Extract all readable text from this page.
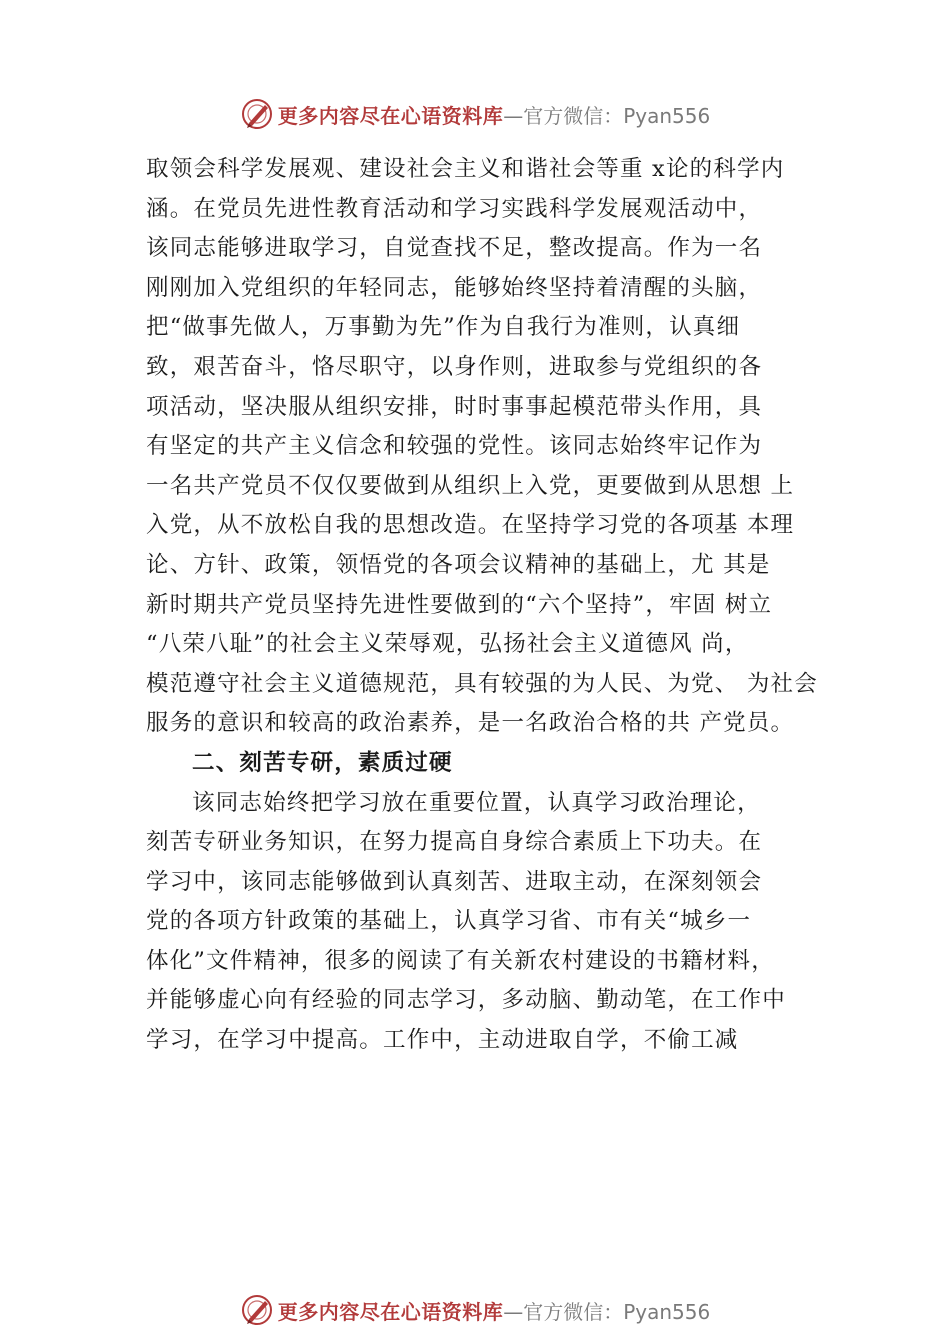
更多内容尽在心语资料库 —官方微信：Pyan556
取领会科学发展观、建设社会主义和谐社会等重 x论的科学内
涵。在党员先进性教育活动和学习实践科学发展观活动中，
该同志能够进取学习，自觉查找不足，整改提高。作为一名
刚刚加入党组织的年轻同志，能够始终坚持着清醒的头脑，
把“做事先做人，万事勤为先”作为自我行为准则，认真细
致，艰苦奋斗，恪尽职守，以身作则，进取参与党组织的各
项活动，坚决服从组织安排，时时事事起模范带头作用，具
有坚定的共产主义信念和较强的党性。该同志始终牢记作为
一名共产党员不仅仅要做到从组织上入党，更要做到从思想 上
入党，从不放松自我的思想改造。在坚持学习党的各项基 本理
论、方针、政策，领悟党的各项会议精神的基础上，尤 其是
新时期共产党员坚持先进性要做到的“六个坚持”，牢固 树立
“八荣八耻”的社会主义荣辱观，弘扬社会主义道德风 尚，
模范遵守社会主义道德规范，具有较强的为人民、为党、 为社会
服务的意识和较高的政治素养，是一名政治合格的共 产党员。
二、刻苦专研，素质过硬
该同志始终把学习放在重要位置，认真学习政治理论，
刻苦专研业务知识，在努力提高自身综合素质上下功夫。在
学习中，该同志能够做到认真刻苦、进取主动，在深刻领会
党的各项方针政策的基础上，认真学习省、市有关“城乡一
体化”文件精神，很多的阅读了有关新农村建设的书籍材料，
并能够虚心向有经验的同志学习，多动脑、勤动笔，在工作中
学习，在学习中提高。工作中，主动进取自学，不偷工减
更多内容尽在心语资料库 —官方微信：Pyan556
